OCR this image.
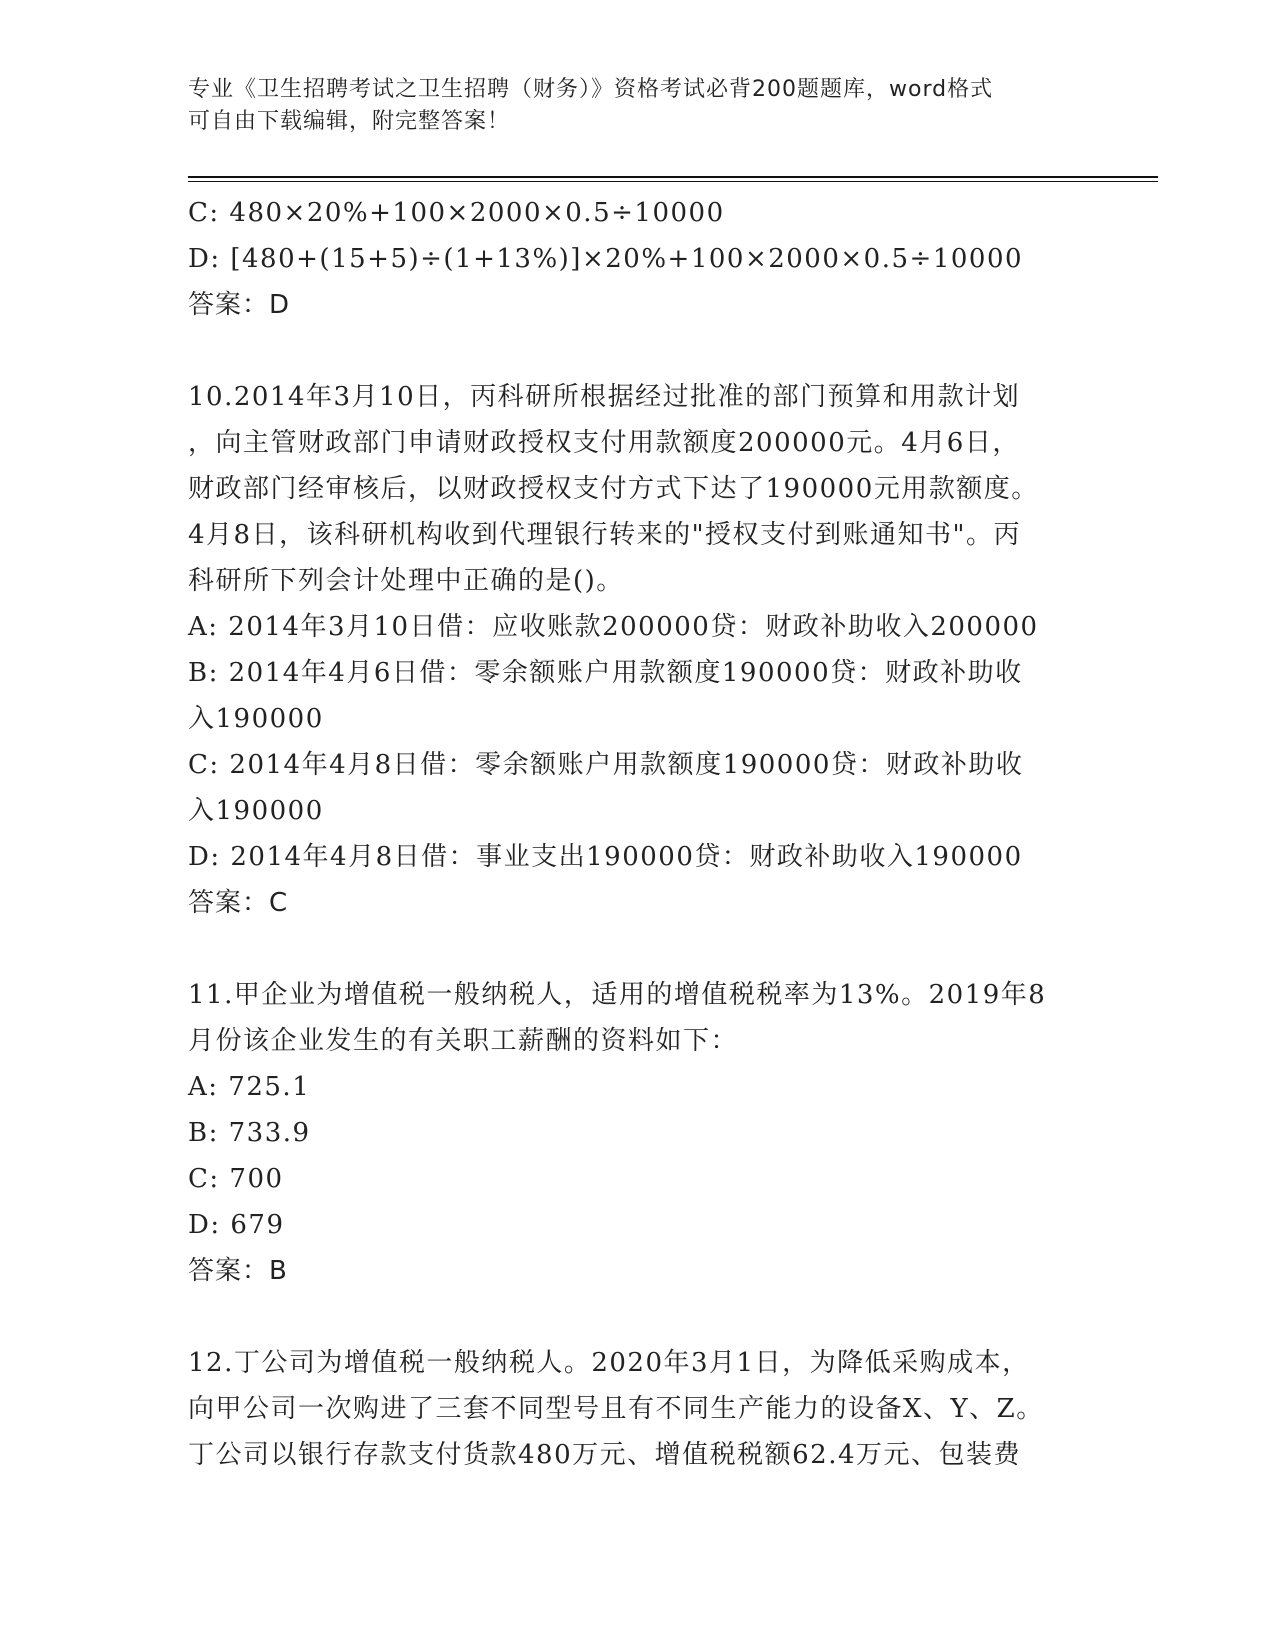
专业《卫生招聘考试之卫生招聘（财务）》资格考试必背200题题库，word格式

可自由下载编辑，附完整答案！

C: 480×20%+100×2000×0.5÷10000
D: [480+(15+5)÷(1+13%)]×20%+100×2000×0.5÷10000
答案：D
10.2014年3月10日，丙科研所根据经过批准的部门预算和用款计划
，向主管财政部门申请财政授权支付用款额度200000元。4月6日，
财政部门经审核后，以财政授权支付方式下达了190000元用款额度。
4月8日，该科研机构收到代理银行转来的"授权支付到账通知书"。丙
科研所下列会计处理中正确的是()。
A: 2014年3月10日借：应收账款200000贷：财政补助收入200000
B: 2014年4月6日借：零余额账户用款额度190000贷：财政补助收
入190000
C: 2014年4月8日借：零余额账户用款额度190000贷：财政补助收
入190000
D: 2014年4月8日借：事业支出190000贷：财政补助收入190000
答案：C
11.甲企业为增值税一般纳税人，适用的增值税税率为13%。2019年8
月份该企业发生的有关职工薪酬的资料如下：
A: 725.1
B: 733.9
C: 700
D: 679
答案：B
12.丁公司为增值税一般纳税人。2020年3月1日，为降低采购成本，
向甲公司一次购进了三套不同型号且有不同生产能力的设备X、Y、Z。
丁公司以银行存款支付货款480万元、增值税税额62.4万元、包装费
